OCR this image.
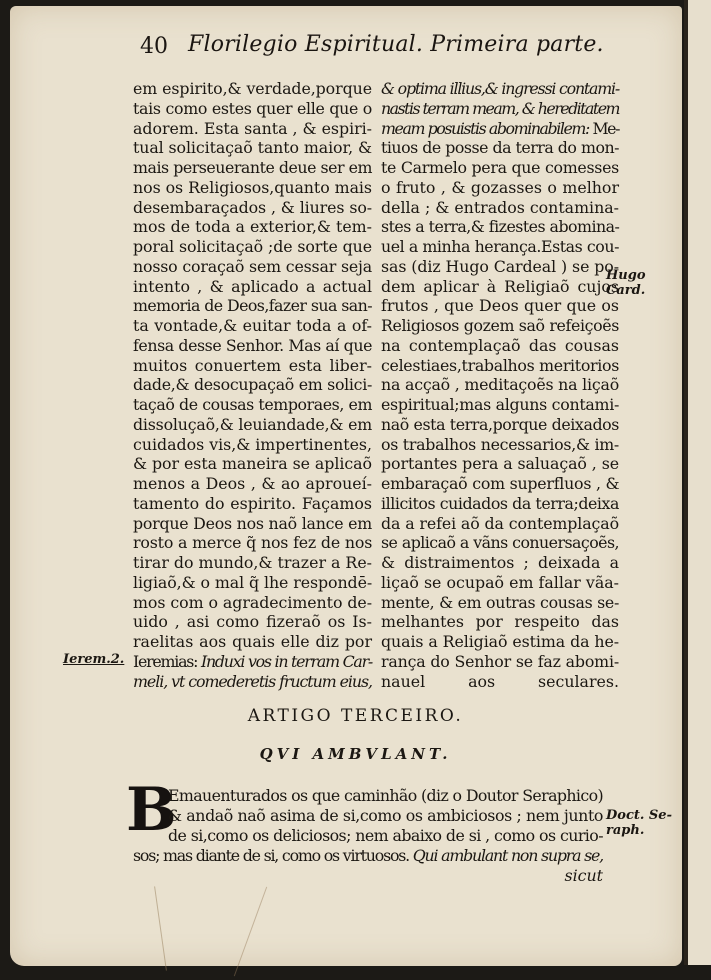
40 Florilegio Espiritual. Primeira parte.
em espirito,& verdade,porque
tais como estes quer elle que o
adorem. Esta santa , & espiri-
tual solicitaçaõ tanto maior, &
mais perseuerante deue ser em
nos os Religiosos,quanto mais
desembaraçados , & liures so-
mos de toda a exterior,& tem-
poral solicitaçaõ ;de sorte que
nosso coraçaõ sem cessar seja
intento , & aplicado a actual
memoria de Deos,fazer sua san-
ta vontade,& euitar toda a of-
fensa desse Senhor. Mas aí que
muitos conuertem esta liber-
dade,& desocupaçaõ em solici-
taçaõ de cousas temporaes, em
dissoluçaõ,& leuiandade,& em
cuidados vis,& impertinentes,
& por esta maneira se aplicaõ
menos a Deos , & ao aproueí-
tamento do espirito. Façamos
porque Deos nos naõ lance em
rosto a merce q̃ nos fez de nos
tirar do mundo,& trazer a Re-
ligiaõ,& o mal q̃ lhe respondē-
mos com o agradecimento de-
uido , asi como fizeraõ os Is-
raelitas aos quais elle diz por
Ieremias: Induxi vos in terram Car-
meli, vt comederetis fructum eius,
& optima illius,& ingressi contami-
nastis terram meam, & hereditatem
meam posuistis abominabilem: Me-
tiuos de posse da terra do mon-
te Carmelo pera que comesses
o fruto , & gozasses o melhor
della ; & entrados contamina-
stes a terra,& fizestes abomina-
uel a minha herança.Estas cou-
sas (diz Hugo Cardeal ) se po-
dem aplicar à Religiaõ cujos
frutos , que Deos quer que os
Religiosos gozem saõ refeiçoẽs
na contemplaçaõ das cousas
celestiaes,trabalhos meritorios
na acçaõ , meditaçoẽs na liçaõ
espiritual;mas alguns contami-
naõ esta terra,porque deixados
os trabalhos necessarios,& im-
portantes pera a saluaçaõ , se
embaraçaõ com superfluos , &
illicitos cuidados da terra;deixa
da a refei aõ da contemplaçaõ
se aplicaõ a vãns conuersaçoẽs,
& distraimentos ; deixada a
liçaõ se ocupaõ em fallar vãa-
mente, & em outras cousas se-
melhantes por respeito das
quais a Religiaõ estima da he-
rança do Senhor se faz abomi-
nauel aos seculares.
Ierem.2.
Hugo
Card.
Doct. Se-
raph.
ARTIGO TERCEIRO.
QVI AMBVLANT.
B
Emauenturados os que caminhão (diz o Doutor Seraphico)
& andaõ naõ asima de si,como os ambiciosos ; nem junto
de si,como os deliciosos; nem abaixo de si , como os curio-
sos; mas diante de si, como os virtuosos. Qui ambulant non supra se,
sicut
